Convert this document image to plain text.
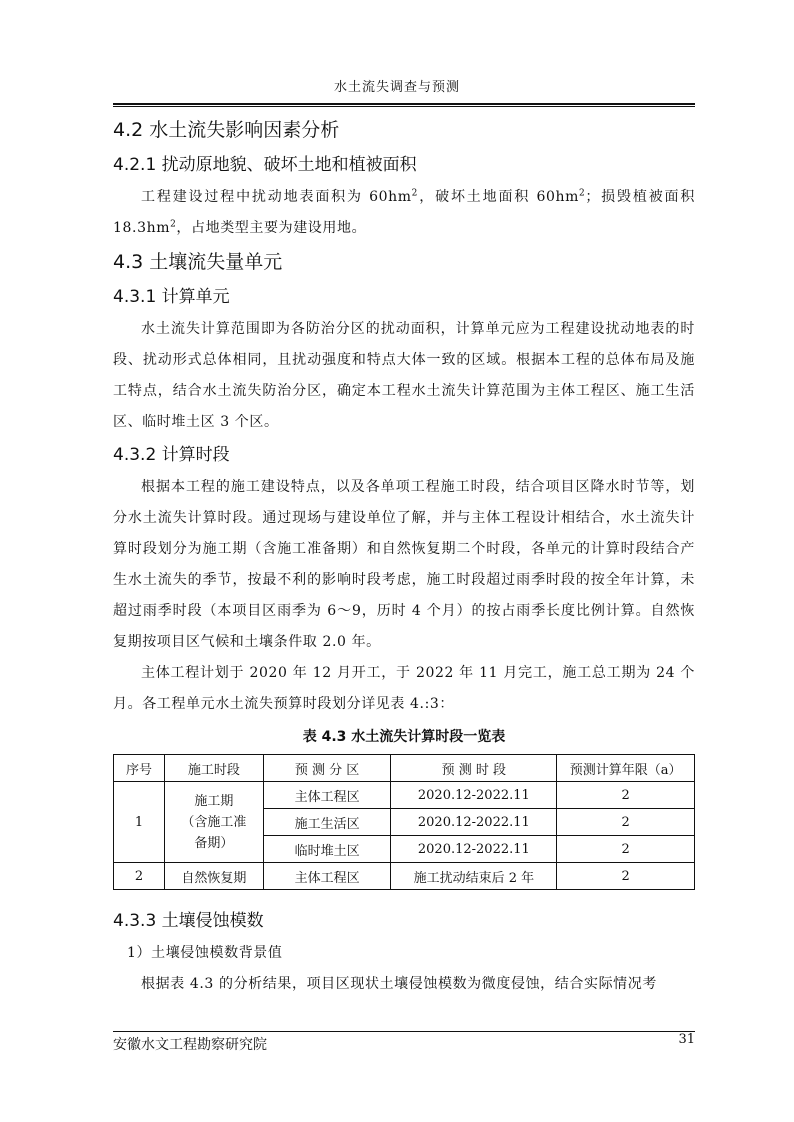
水土流失调查与预测
4.2 水土流失影响因素分析
4.2.1 扰动原地貌、破坏土地和植被面积

工程建设过程中扰动地表面积为 $60hm^2$，破坏土地面积 $60hm^2$；损毁植被面积 $18.3hm^2$，占地类型主要为建设用地。

4.3 土壤流失量单元
4.3.1 计算单元

水土流失计算范围即为各防治分区的扰动面积，计算单元应为工程建设扰动地表的时段、扰动形式总体相同，且扰动强度和特点大体一致的区域。根据本工程的总体布局及施工特点，结合水土流失防治分区，确定本工程水土流失计算范围为主体工程区、施工生活区、临时堆土区 3 个区。

4.3.2 计算时段

根据本工程的施工建设特点，以及各单项工程施工时段，结合项目区降水时节等，划分水土流失计算时段。通过现场与建设单位了解，并与主体工程设计相结合，水土流失计算时段划分为施工期（含施工准备期）和自然恢复期二个时段，各单元的计算时段结合产生水土流失的季节，按最不利的影响时段考虑，施工时段超过雨季时段的按全年计算，未超过雨季时段（本项目区雨季为 6～9，历时 4 个月）的按占雨季长度比例计算。自然恢复期按项目区气候和土壤条件取 2.0 年。

主体工程计划于 2020 年 12 月开工，于 2022 年 11 月完工，施工总工期为 24 个月。各工程单元水土流失预算时段划分详见表 4.:3：

表 4.3 水土流失计算时段一览表
序号	施工时段	预 测 分 区	预 测 时 段	预测计算年限（a）
1	施工期
（含施工准
备期）	主体工程区	2020.12-2022.11	2
		施工生活区	2020.12-2022.11	2
		临时堆土区	2020.12-2022.11	2
2	自然恢复期	主体工程区	施工扰动结束后 2 年	2
4.3.3 土壤侵蚀模数

1）土壤侵蚀模数背景值

根据表 4.3 的分析结果，项目区现状土壤侵蚀模数为微度侵蚀，结合实际情况考

安徽水文工程勘察研究院	31
